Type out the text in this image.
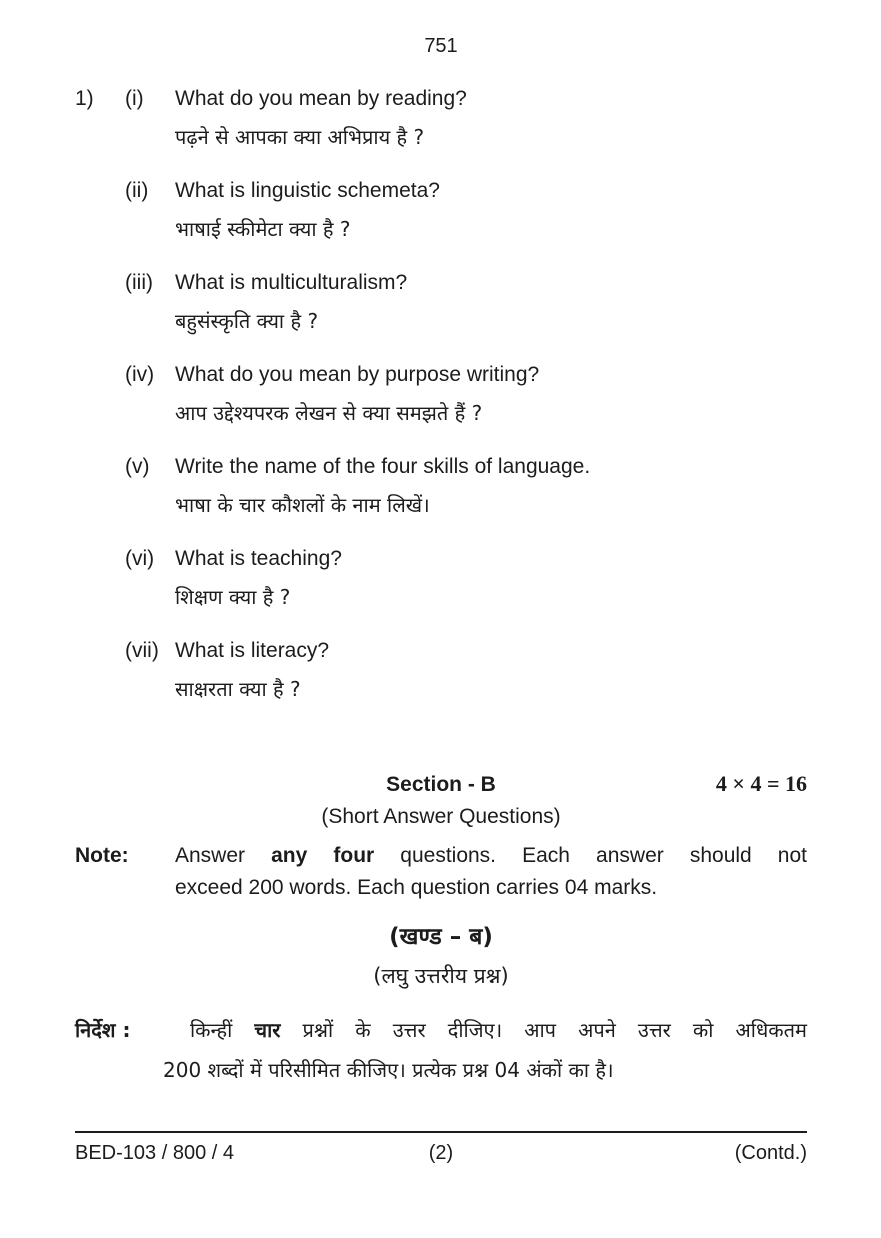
751
1)	(i)	What do you mean by reading?
पढ़ने से आपका क्या अभिप्राय है ?
(ii)	What is linguistic schemeta?
भाषाई स्कीमेटा क्या है ?
(iii)	What is multiculturalism?
बहुसंस्कृति क्या है ?
(iv) What do you mean by purpose writing?
आप उद्देश्यपरक लेखन से क्या समझते हैं ?
(v)	Write the name of the four skills of language.
भाषा के चार कौशलों के नाम लिखें।
(vi) What is teaching?
शिक्षण क्या है ?
(vii) What is literacy?
साक्षरता क्या है ?
Section - B	4 × 4 = 16
(Short Answer Questions)
Note: Answer any four questions. Each answer should not
exceed 200 words. Each question carries 04 marks.
(खण्ड – ब)
(लघु उत्तरीय प्रश्न)
निर्देश :	किन्हीं चार प्रश्नों के उत्तर दीजिए। आप अपने उत्तर को अधिकतम
200 शब्दों में परिसीमित कीजिए। प्रत्येक प्रश्न 04 अंकों का है।
BED-103 / 800 / 4	(2)	(Contd.)
